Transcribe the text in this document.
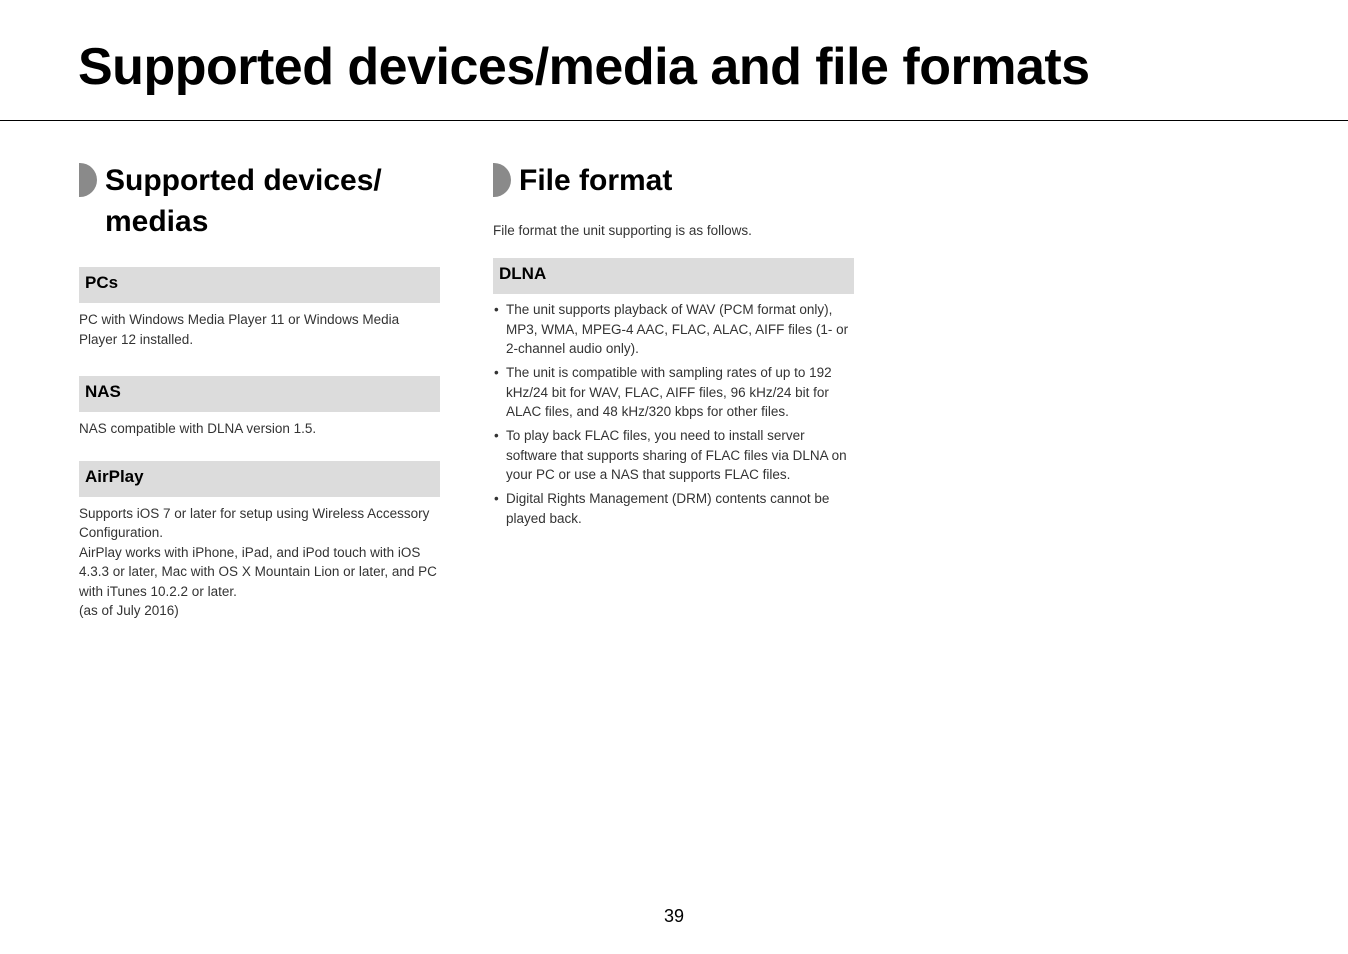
Supported devices/media and file formats
Supported devices/
medias
PCs

PC with Windows Media Player 11 or Windows Media Player 12 installed.

NAS

NAS compatible with DLNA version 1.5.

AirPlay

Supports iOS 7 or later for setup using Wireless Accessory Configuration.
AirPlay works with iPhone, iPad, and iPod touch with iOS 4.3.3 or later, Mac with OS X Mountain Lion or later, and PC with iTunes 10.2.2 or later.
(as of July 2016)

File format

File format the unit supporting is as follows.

DLNA
• The unit supports playback of WAV (PCM format only), MP3, WMA, MPEG-4 AAC, FLAC, ALAC, AIFF files (1- or 2-channel audio only).
• The unit is compatible with sampling rates of up to 192 kHz/24 bit for WAV, FLAC, AIFF files, 96 kHz/24 bit for ALAC files, and 48 kHz/320 kbps for other files.
• To play back FLAC files, you need to install server software that supports sharing of FLAC files via DLNA on your PC or use a NAS that supports FLAC files.
• Digital Rights Management (DRM) contents cannot be played back.
39
